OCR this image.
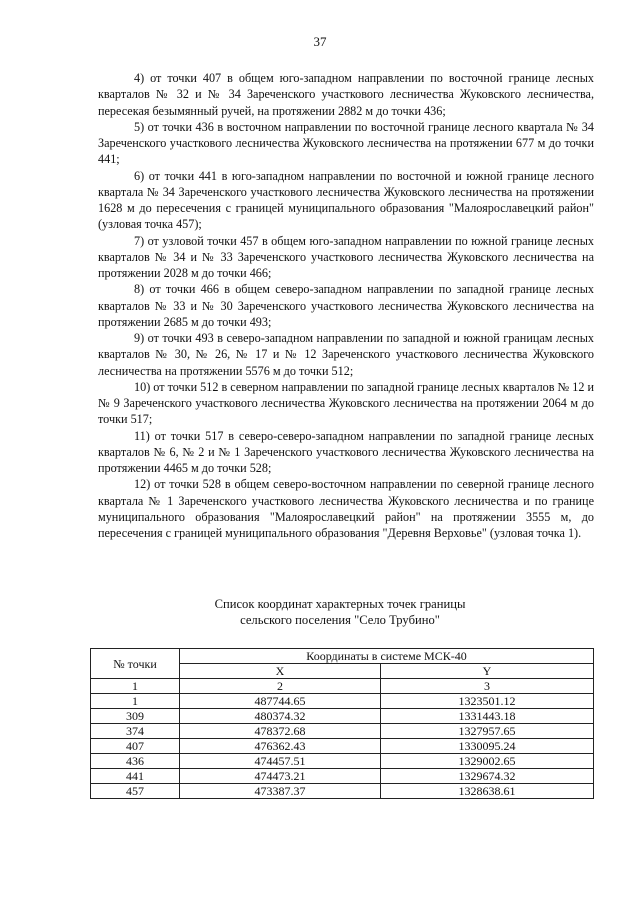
37

4) от точки 407 в общем юго-западном направлении по восточной границе лесных кварталов № 32 и № 34 Зареченского участкового лесничества Жуковского лесничества, пересекая безымянный ручей, на протяжении 2882 м до точки 436;

5) от точки 436 в восточном направлении по восточной границе лесного квартала № 34 Зареченского участкового лесничества Жуковского лесничества на протяжении 677 м до точки 441;

6) от точки 441 в юго-западном направлении по восточной и южной границе лесного квартала № 34 Зареченского участкового лесничества Жуковского лесничества на протяжении 1628 м до пересечения с границей муниципального образования "Малоярославецкий район" (узловая точка 457);

7) от узловой точки 457 в общем юго-западном направлении по южной границе лесных кварталов № 34 и № 33 Зареченского участкового лесничества Жуковского лесничества на протяжении 2028 м до точки 466;

8) от точки 466 в общем северо-западном направлении по западной границе лесных кварталов № 33 и № 30 Зареченского участкового лесничества Жуковского лесничества на протяжении 2685 м до точки 493;

9) от точки 493 в северо-западном направлении по западной и южной границам лесных кварталов № 30, № 26, № 17 и № 12 Зареченского участкового лесничества Жуковского лесничества на протяжении 5576 м до точки 512;

10) от точки 512 в северном направлении по западной границе лесных кварталов № 12 и № 9 Зареченского участкового лесничества Жуковского лесничества на протяжении 2064 м до точки 517;

11) от точки 517 в северо-северо-западном направлении по западной границе лесных кварталов № 6, № 2 и № 1 Зареченского участкового лесничества Жуковского лесничества на протяжении 4465 м до точки 528;

12) от точки 528 в общем северо-восточном направлении по северной границе лесного квартала № 1 Зареченского участкового лесничества Жуковского лесничества и по границе муниципального образования "Малоярославецкий район" на протяжении 3555 м, до пересечения с границей муниципального образования "Деревня Верховье" (узловая точка 1).

Список координат характерных точек границы
сельского поселения "Село Трубино"
№ точки	Координаты в системе МСК-40	
	X	Y
1	2	3
1	487744.65	1323501.12
309	480374.32	1331443.18
374	478372.68	1327957.65
407	476362.43	1330095.24
436	474457.51	1329002.65
441	474473.21	1329674.32
457	473387.37	1328638.61
